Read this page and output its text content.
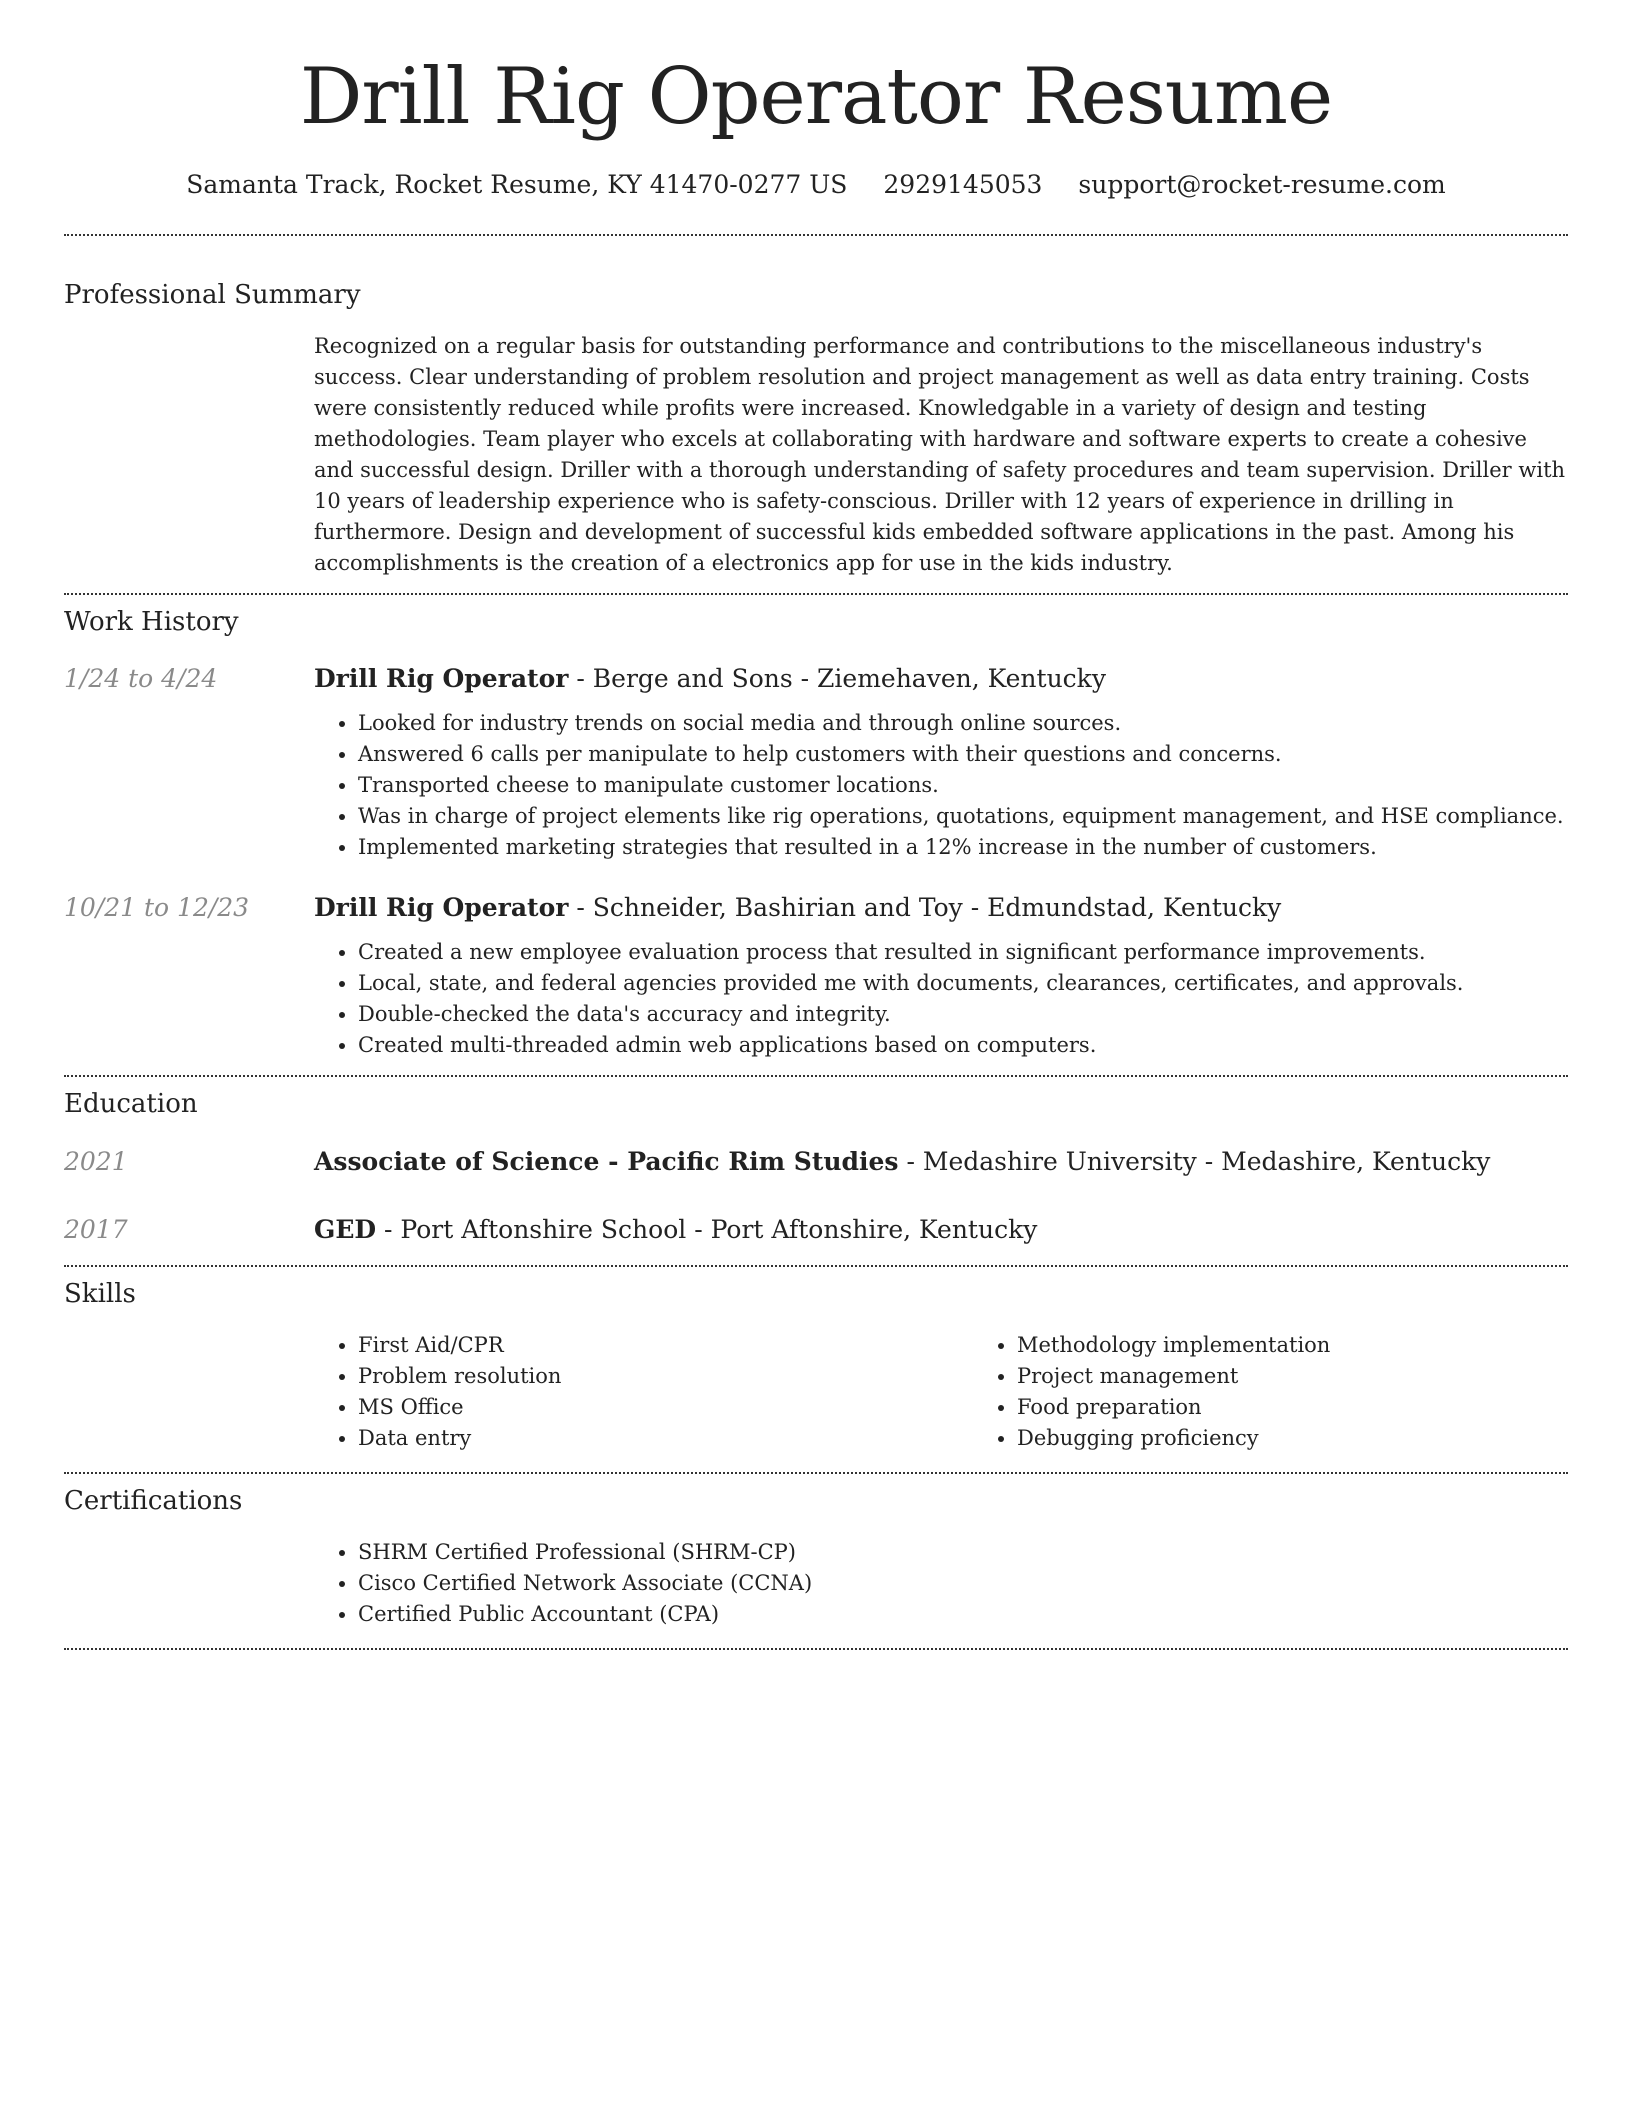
Drill Rig Operator Resume
Samanta Track, Rocket Resume, KY 41470-0277 US 2929145053 support@rocket-resume.com
Professional Summary

Recognized on a regular basis for outstanding performance and contributions to the miscellaneous industry's success. Clear understanding of problem resolution and project management as well as data entry training. Costs were consistently reduced while profits were increased. Knowledgable in a variety of design and testing methodologies. Team player who excels at collaborating with hardware and software experts to create a cohesive and successful design. Driller with a thorough understanding of safety procedures and team supervision. Driller with 10 years of leadership experience who is safety-conscious. Driller with 12 years of experience in drilling in furthermore. Design and development of successful kids embedded software applications in the past. Among his accomplishments is the creation of a electronics app for use in the kids industry.

Work History
1/24 to 4/24	Drill Rig Operator - Berge and Sons - Ziemehaven, Kentucky
• Looked for industry trends on social media and through online sources.
• Answered 6 calls per manipulate to help customers with their questions and concerns.
• Transported cheese to manipulate customer locations.
• Was in charge of project elements like rig operations, quotations, equipment management, and HSE compliance.
• Implemented marketing strategies that resulted in a 12% increase in the number of customers.
10/21 to 12/23	Drill Rig Operator - Schneider, Bashirian and Toy - Edmundstad, Kentucky
• Created a new employee evaluation process that resulted in significant performance improvements.
• Local, state, and federal agencies provided me with documents, clearances, certificates, and approvals.
• Double-checked the data's accuracy and integrity.
• Created multi-threaded admin web applications based on computers.
Education
2021	Associate of Science - Pacific Rim Studies - Medashire University - Medashire, Kentucky
2017	GED - Port Aftonshire School - Port Aftonshire, Kentucky
Skills
• First Aid/CPR
• Problem resolution
• MS Office
• Data entry
• Methodology implementation
• Project management
• Food preparation
• Debugging proficiency
Certifications
• SHRM Certified Professional (SHRM-CP)
• Cisco Certified Network Associate (CCNA)
• Certified Public Accountant (CPA)
